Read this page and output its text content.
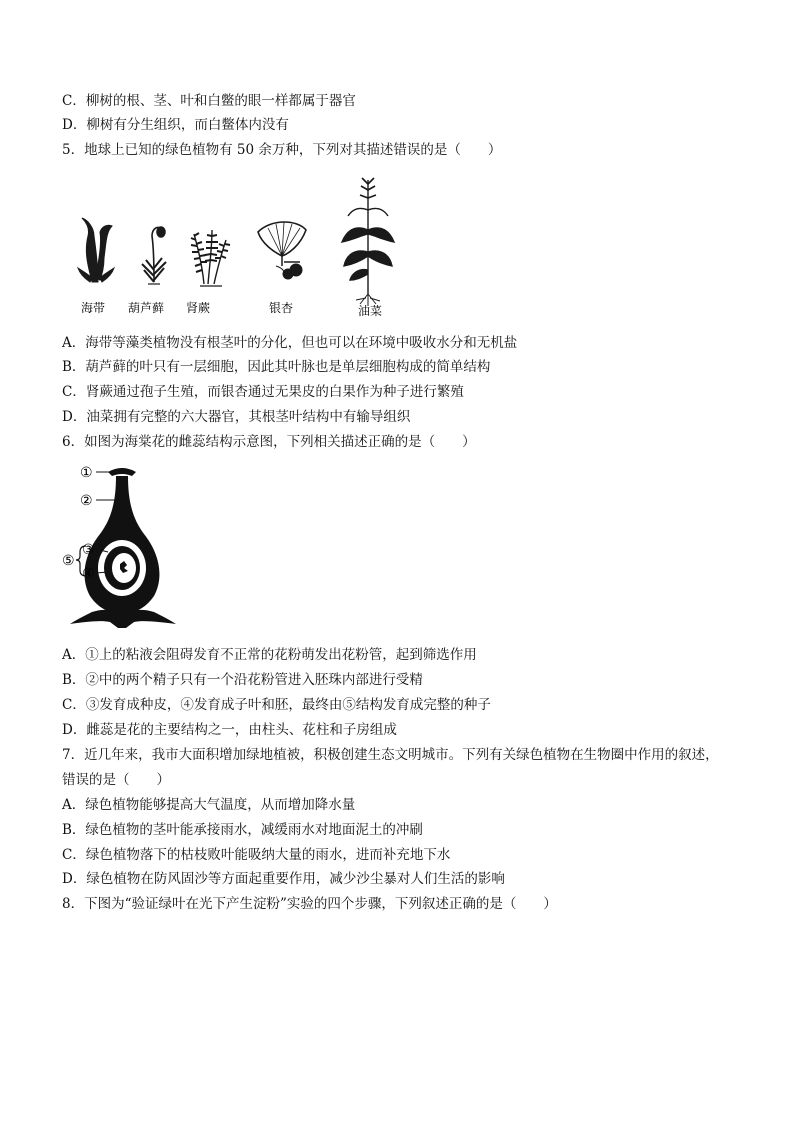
C．柳树的根、茎、叶和白鳖的眼一样都属于器官
D．柳树有分生组织，而白鳖体内没有
5．地球上已知的绿色植物有 50 余万种，下列对其描述错误的是（　　）
海带 葫芦藓 肾蕨	银杏	油菜
A．海带等藻类植物没有根茎叶的分化，但也可以在环境中吸收水分和无机盐
B．葫芦藓的叶只有一层细胞，因此其叶脉也是单层细胞构成的简单结构
C．肾蕨通过孢子生殖，而银杏通过无果皮的白果作为种子进行繁殖
D．油菜拥有完整的六大器官，其根茎叶结构中有输导组织
6．如图为海棠花的雌蕊结构示意图，下列相关描述正确的是（　　）
①
②
③
④
⑤
A．①上的粘液会阻碍发育不正常的花粉萌发出花粉管，起到筛选作用
B．②中的两个精子只有一个沿花粉管进入胚珠内部进行受精
C．③发育成种皮，④发育成子叶和胚，最终由⑤结构发育成完整的种子
D．雌蕊是花的主要结构之一，由柱头、花柱和子房组成
7．近几年来，我市大面积增加绿地植被，积极创建生态文明城市。下列有关绿色植物在生物圈中作用的叙述，
错误的是（　　）
A．绿色植物能够提高大气温度，从而增加降水量
B．绿色植物的茎叶能承接雨水，减缓雨水对地面泥土的冲刷
C．绿色植物落下的枯枝败叶能吸纳大量的雨水，进而补充地下水
D．绿色植物在防风固沙等方面起重要作用，减少沙尘暴对人们生活的影响
8．下图为“验证绿叶在光下产生淀粉”实验的四个步骤，下列叙述正确的是（　　）
